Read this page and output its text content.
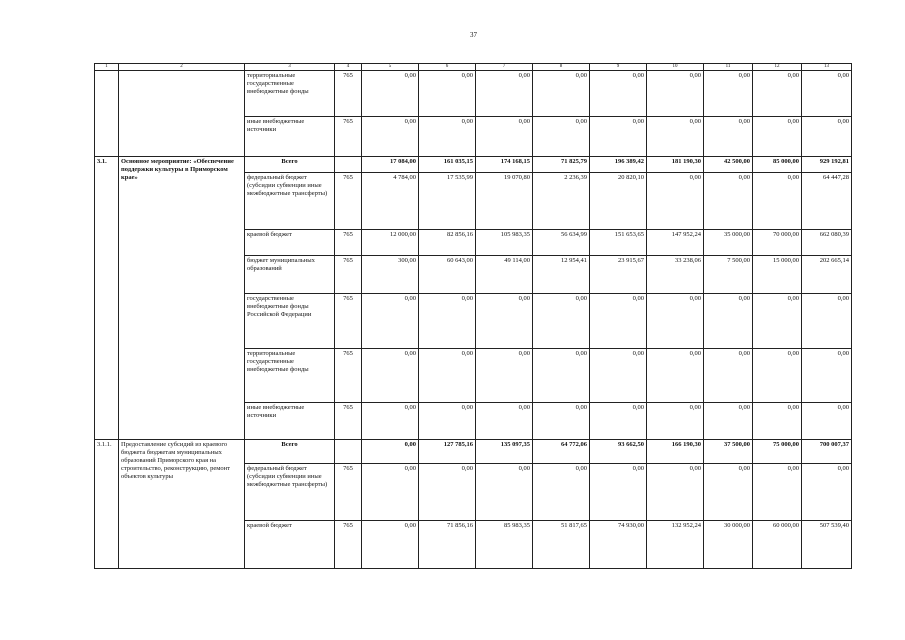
37
1	2	3	4	5	6	7	8	9	10	11	12	13
		территориальные государственные внебюджетные фонды	765	0,00	0,00	0,00	0,00	0,00	0,00	0,00	0,00	0,00
		иные внебюджетные источники	765	0,00	0,00	0,00	0,00	0,00	0,00	0,00	0,00	0,00
3.1.	Основное мероприятие: «Обеспечение поддержки культуры в Приморском крае»	Всего		17 084,00	161 035,15	174 168,15	71 825,79	196 389,42	181 190,30	42 500,00	85 000,00	929 192,81
		федеральный бюджет (субсидии субвенции иные межбюджетные трансферты)	765	4 784,00	17 535,99	19 070,80	2 236,39	20 820,10	0,00	0,00	0,00	64 447,28
		краевой бюджет	765	12 000,00	82 856,16	105 983,35	56 634,99	151 653,65	147 952,24	35 000,00	70 000,00	662 080,39
		бюджет муниципальных образований	765	300,00	60 643,00	49 114,00	12 954,41	23 915,67	33 238,06	7 500,00	15 000,00	202 665,14
		государственные внебюджетные фонды Российской Федерации	765	0,00	0,00	0,00	0,00	0,00	0,00	0,00	0,00	0,00
		территориальные государственные внебюджетные фонды	765	0,00	0,00	0,00	0,00	0,00	0,00	0,00	0,00	0,00
		иные внебюджетные источники	765	0,00	0,00	0,00	0,00	0,00	0,00	0,00	0,00	0,00
3.1.1.	Предоставление субсидий из краевого бюджета бюджетам муниципальных образований Приморского края на строительство, реконструкцию, ремонт объектов культуры	Всего		0,00	127 785,16	135 097,35	64 772,06	93 662,50	166 190,30	37 500,00	75 000,00	700 007,37
		федеральный бюджет (субсидии субвенции иные межбюджетные трансферты)	765	0,00	0,00	0,00	0,00	0,00	0,00	0,00	0,00	0,00
		краевой бюджет	765	0,00	71 856,16	85 983,35	51 817,65	74 930,00	132 952,24	30 000,00	60 000,00	507 539,40
